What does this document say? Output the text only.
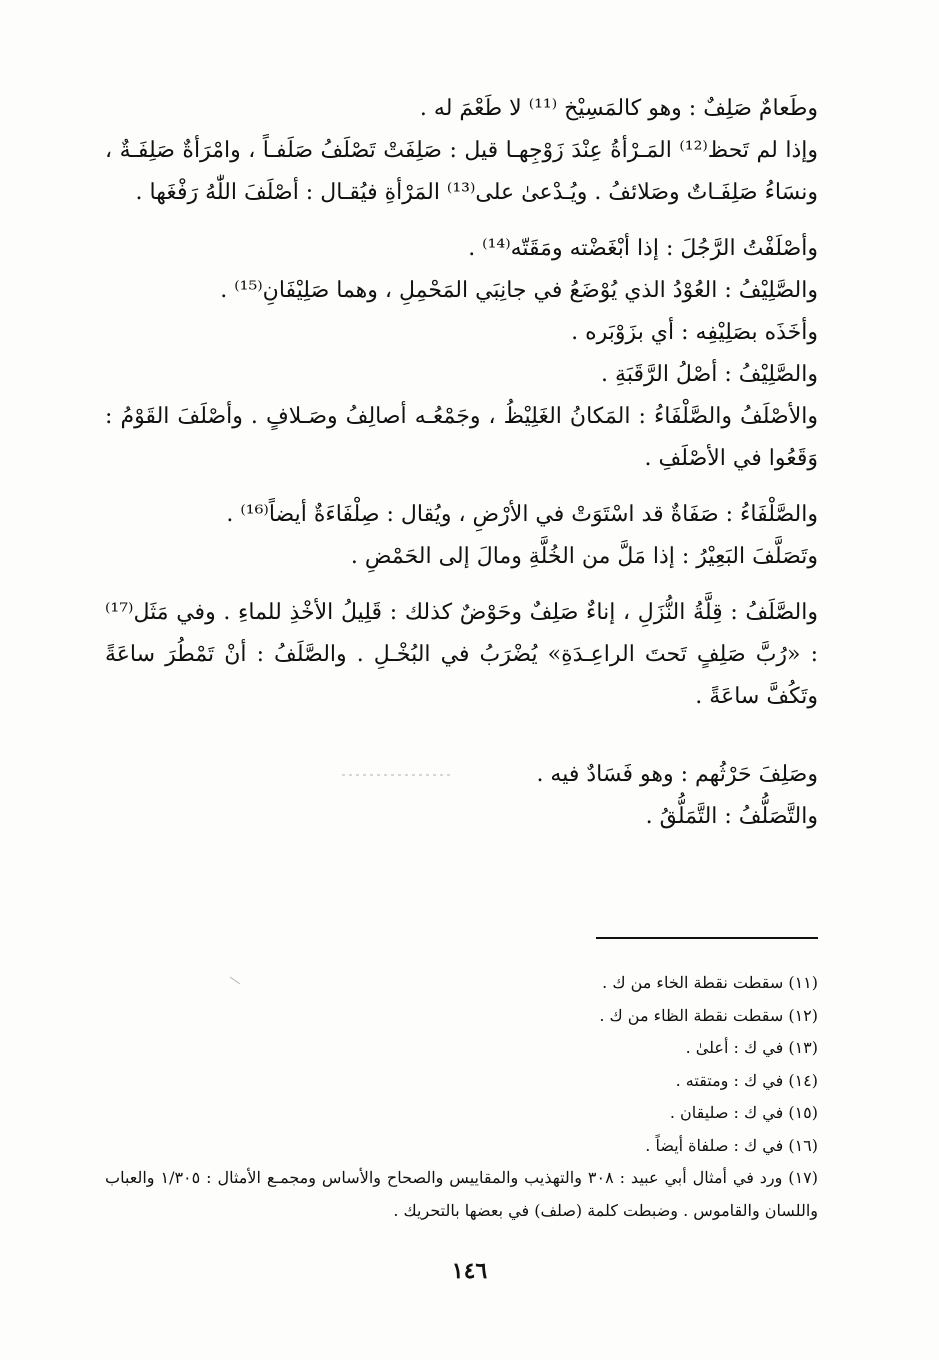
وطَعامٌ صَلِفٌ : وهو كالمَسِيْخ ⁽¹¹⁾ لا طَعْمَ له .

وإذا لم تَحظ⁽¹²⁾ المَـرْأةُ عِنْدَ زَوْجِهـا قيل : صَلِفَتْ تَصْلَفُ صَلَفـاً ، وامْرَأةٌ صَلِفَـةٌ ، ونسَاءُ صَلِفَـاتٌ وصَلائفُ . ويُـدْعىٰ على⁽¹³⁾ المَرْأةِ فيُقـال : أصْلَفَ اللّٰهُ رَفْغَها .

وأصْلَفْتُ الرَّجُلَ : إذا أبْغَضْته ومَقَتّه⁽¹⁴⁾ .

والصَّلِيْفُ : العُوْدُ الذي يُوْضَعُ في جانِبَي المَحْمِلِ ، وهما صَلِيْفَانِ⁽¹⁵⁾ .

وأخَذَه بصَلِيْفِه : أي بزَوْبَره .

والصَّلِيْفُ : أصْلُ الرَّقَبَةِ .

والأصْلَفُ والصَّلْفَاءُ : المَكانُ الغَلِيْظُ ، وجَمْعُـه أصالِفُ وصَـلافٍ . وأصْلَفَ القَوْمُ : وَقَعُوا في الأصْلَفِ .

والصَّلْفَاءُ : صَفَاةٌ قد اسْتَوَتْ في الأرْضِ ، ويُقال : صِلْفَاءَةٌ أيضاً⁽¹⁶⁾ .

وتَصَلَّفَ البَعِيْرُ : إذا مَلَّ من الخُلَّةِ ومالَ إلى الحَمْضِ .

والصَّلَفُ : قِلَّةُ النُّزَلِ ، إناءٌ صَلِفٌ وحَوْضٌ كذلك : قَلِيلُ الأخْذِ للماءِ . وفي مَثَل⁽¹⁷⁾ : «رُبَّ صَلِفٍ تَحتَ الراعِـدَةِ» يُضْرَبُ في البُخْـلِ . والصَّلَفُ : أنْ تَمْطُرَ ساعَةً وتَكُفَّ ساعَةً .

وصَلِفَ حَرْثُهم : وهو فَسَادٌ فيه .

والتَّصَلُّفُ : التَّمَلُّقُ .

(١١) سقطت نقطة الخاء من ك .

(١٢) سقطت نقطة الظاء من ك .

(١٣) في ك : أعلىٰ .

(١٤) في ك : ومتقته .

(١٥) في ك : صليقان .

(١٦) في ك : صلفاة أيضاً .

(١٧) ورد في أمثال أبي عبيد : ٣٠٨ والتهذيب والمقاييس والصحاح والأساس ومجمـع الأمثال : ١/٣٠٥ والعباب واللسان والقاموس . وضبطت كلمة (صلف) في بعضها بالتحريك .

١٤٦
